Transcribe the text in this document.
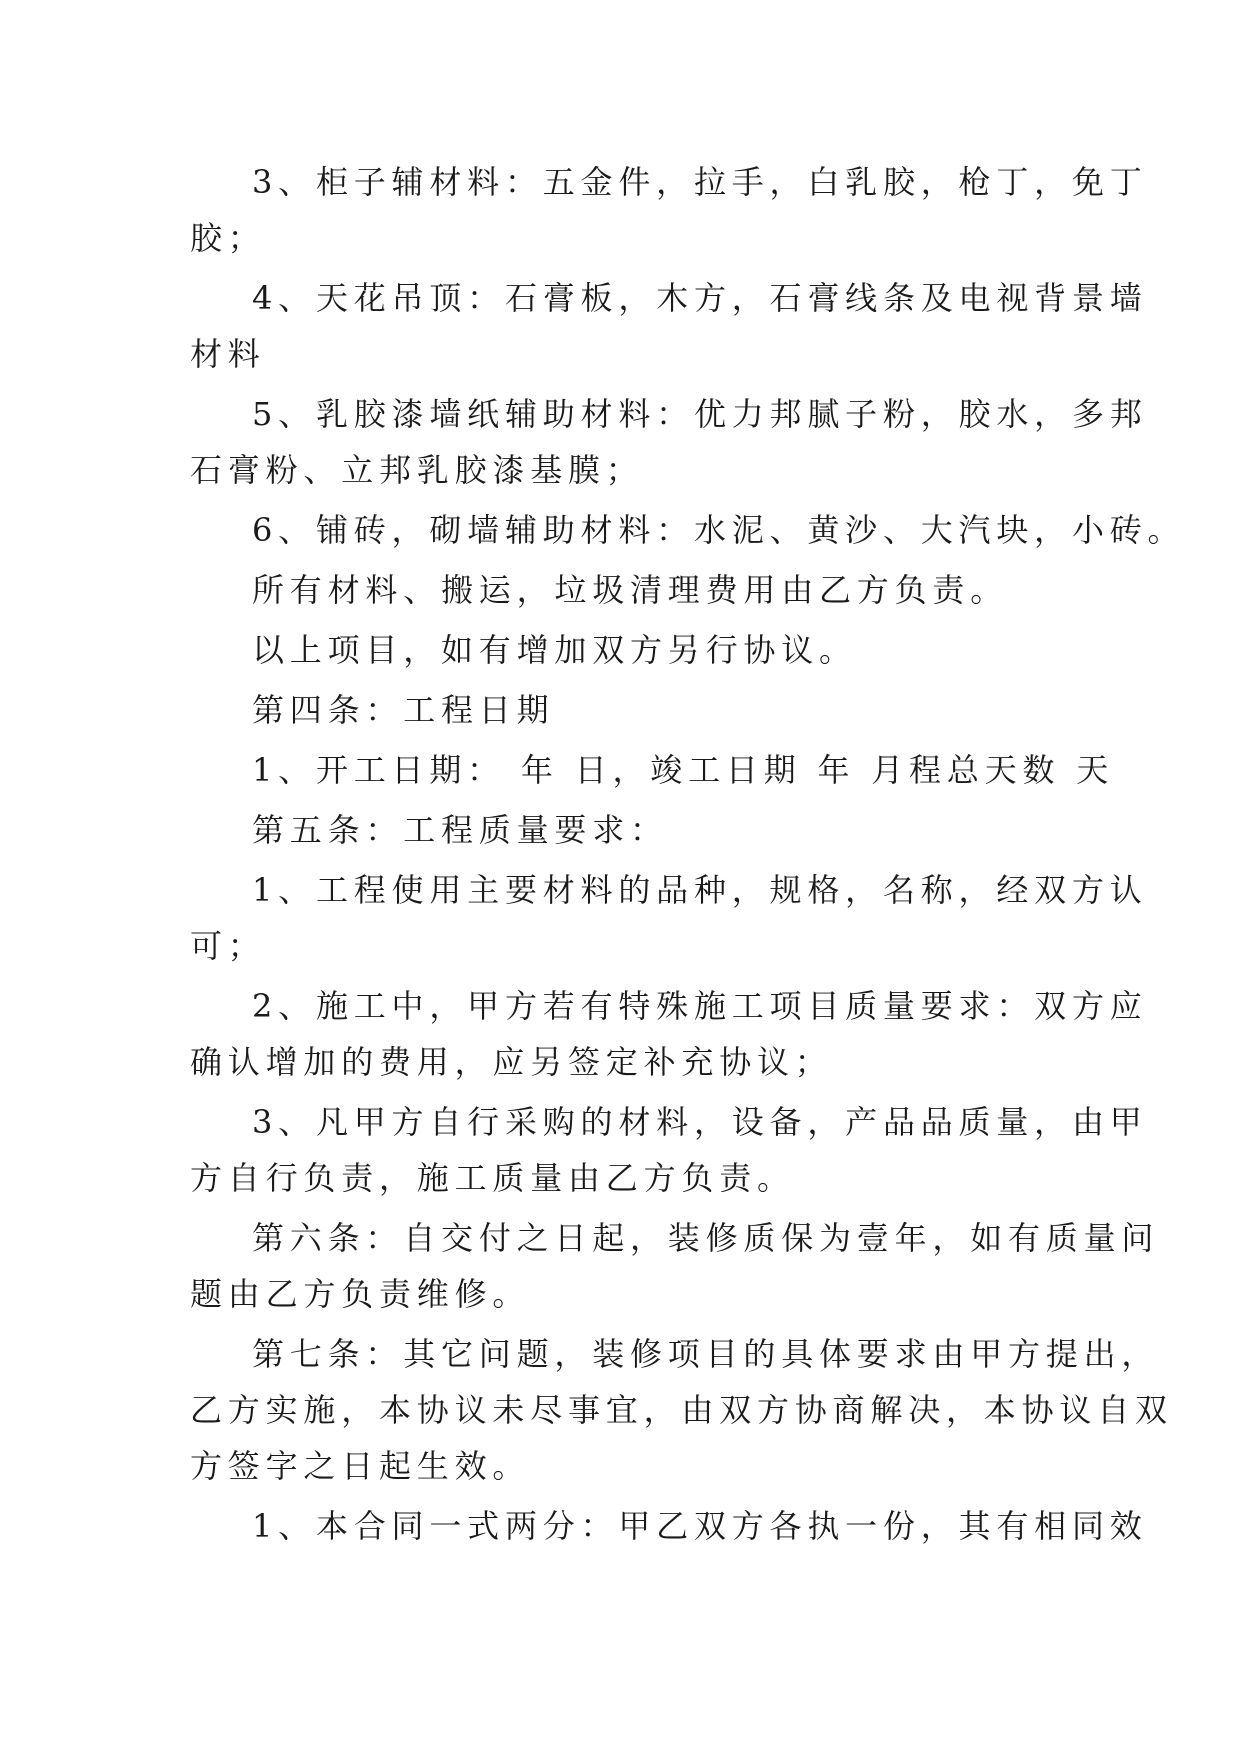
3、柜子辅材料：五金件，拉手，白乳胶，枪丁，免丁
胶；
4、天花吊顶：石膏板，木方，石膏线条及电视背景墙
材料
5、乳胶漆墙纸辅助材料：优力邦腻子粉，胶水，多邦
石膏粉、立邦乳胶漆基膜；
6、铺砖，砌墙辅助材料：水泥、黄沙、大汽块，小砖。
所有材料、搬运，垃圾清理费用由乙方负责。
以上项目，如有增加双方另行协议。
第四条：工程日期
1、开工日期： 年 日，竣工日期 年 月程总天数 天
第五条：工程质量要求：
1、工程使用主要材料的品种，规格，名称，经双方认
可；
2、施工中，甲方若有特殊施工项目质量要求：双方应
确认增加的费用，应另签定补充协议；
3、凡甲方自行采购的材料，设备，产品品质量，由甲
方自行负责，施工质量由乙方负责。
第六条：自交付之日起，装修质保为壹年，如有质量问
题由乙方负责维修。
第七条：其它问题，装修项目的具体要求由甲方提出，
乙方实施，本协议未尽事宜，由双方协商解决，本协议自双
方签字之日起生效。
1、本合同一式两分：甲乙双方各执一份，其有相同效
